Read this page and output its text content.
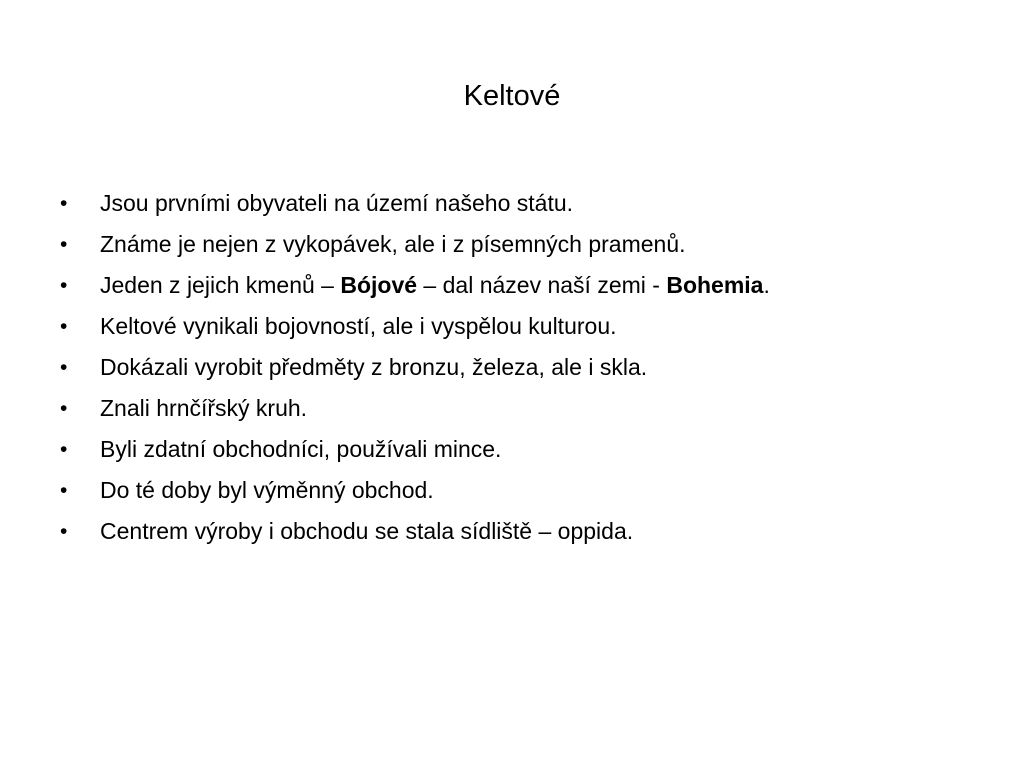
Keltové
• Jsou prvními obyvateli na území našeho státu.
• Známe je nejen z vykopávek, ale i z písemných pramenů.
• Jeden z jejich kmenů – Bójové – dal název naší zemi - Bohemia.
• Keltové vynikali bojovností, ale i vyspělou kulturou.
• Dokázali vyrobit předměty z bronzu, železa, ale i skla.
• Znali hrnčířský kruh.
• Byli zdatní obchodníci, používali mince.
• Do té doby byl výměnný obchod.
• Centrem výroby i obchodu se stala sídliště – oppida.
